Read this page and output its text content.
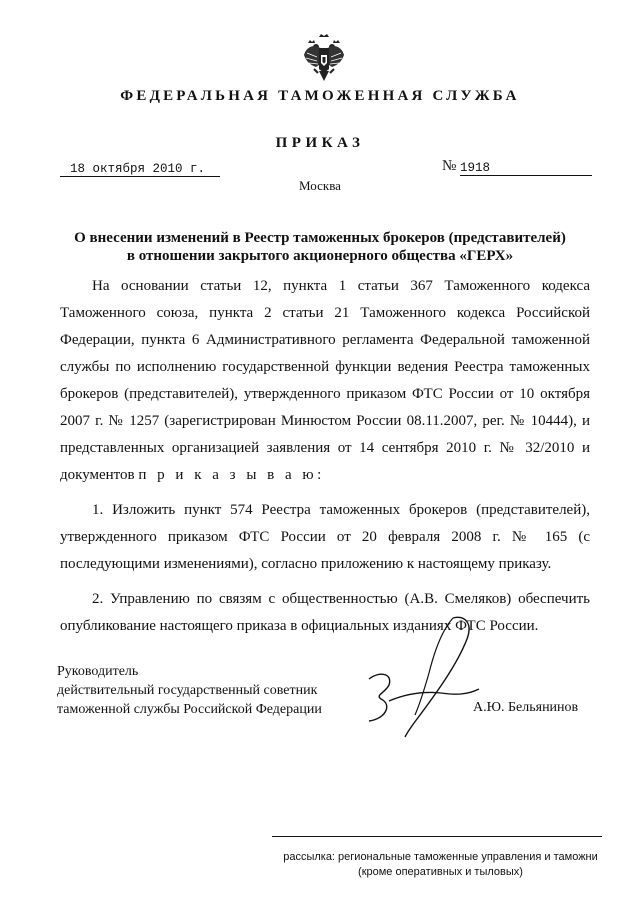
ФЕДЕРАЛЬНАЯ ТАМОЖЕННАЯ СЛУЖБА
ПРИКАЗ
18 октября 2010 г.	№ 1918
Москва
О внесении изменений в Реестр таможенных брокеров (представителей)
в отношении закрытого акционерного общества «ГЕРХ»

На основании статьи 12, пункта 1 статьи 367 Таможенного кодекса Таможенного союза, пункта 2 статьи 21 Таможенного кодекса Российской Федерации, пункта 6 Административного регламента Федеральной таможенной службы по исполнению государственной функции ведения Реестра таможенных брокеров (представителей), утвержденного приказом ФТС России от 10 октября 2007 г. № 1257 (зарегистрирован Минюстом России 08.11.2007, рег. № 10444), и представленных организацией заявления от 14 сентября 2010 г. № 32/2010 и документов п р и к а з ы в а ю:

1. Изложить пункт 574 Реестра таможенных брокеров (представителей), утвержденного приказом ФТС России от 20 февраля 2008 г. № 165 (с последующими изменениями), согласно приложению к настоящему приказу.

2. Управлению по связям с общественностью (А.В. Смеляков) обеспечить опубликование настоящего приказа в официальных изданиях ФТС России.

Руководитель
действительный государственный советник
таможенной службы Российской Федерации	А.Ю. Бельянинов
рассылка: региональные таможенные управления и таможни
(кроме оперативных и тыловых)
